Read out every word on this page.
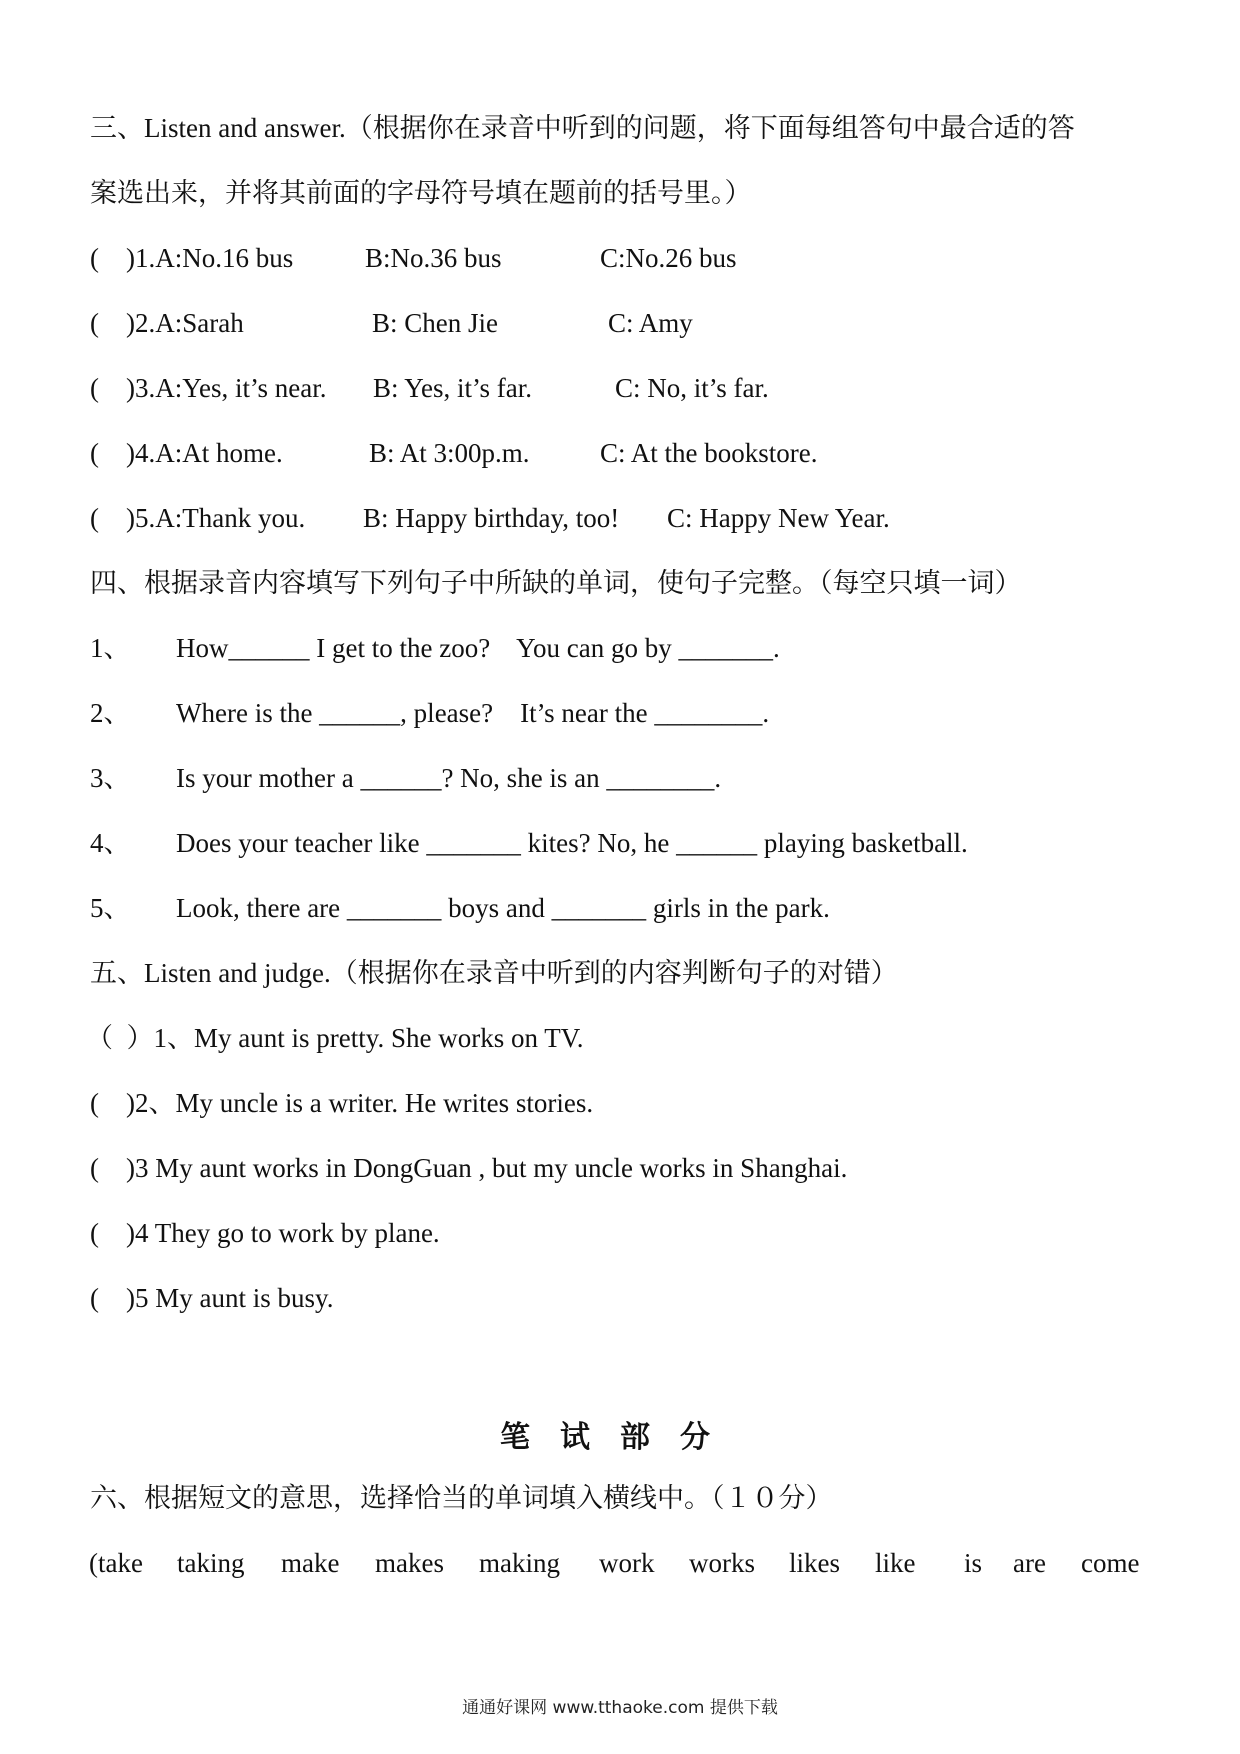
三、Listen and answer.（根据你在录音中听到的问题，将下面每组答句中最合适的答
案选出来，并将其前面的字母符号填在题前的括号里。）
(    )1.A:No.16 bus	B:No.36 bus	C:No.26 bus
(    )2.A:Sarah	B: Chen Jie	C: Amy
(    )3.A:Yes, it’s near. B: Yes, it’s far.	C: No, it’s far.
(    )4.A:At home.	B: At 3:00p.m.	C: At the bookstore.
(    )5.A:Thank you. B: Happy birthday, too! C: Happy New Year.
四、根据录音内容填写下列句子中所缺的单词，使句子完整。（每空只填一词）
1、 How______ I get to the zoo?    You can go by _______.
2、 Where is the ______, please?    It’s near the ________.
3、 Is your mother a ______? No, she is an ________.
4、 Does your teacher like _______ kites? No, he ______ playing basketball.
5、 Look, there are _______ boys and _______ girls in the park.
五、Listen and judge.（根据你在录音中听到的内容判断句子的对错）
（  ）1、My aunt is pretty. She works on TV.
(    )2、My uncle is a writer. He writes stories.
(    )3 My aunt works in DongGuan , but my uncle works in Shanghai.
(    )4 They go to work by plane.
(    )5 My aunt is busy.
笔试部分
六、根据短文的意思，选择恰当的单词填入横线中。（１０分）
(take taking make makes making work works likes like is are come
通通好课网 www.tthaoke.com 提供下载
